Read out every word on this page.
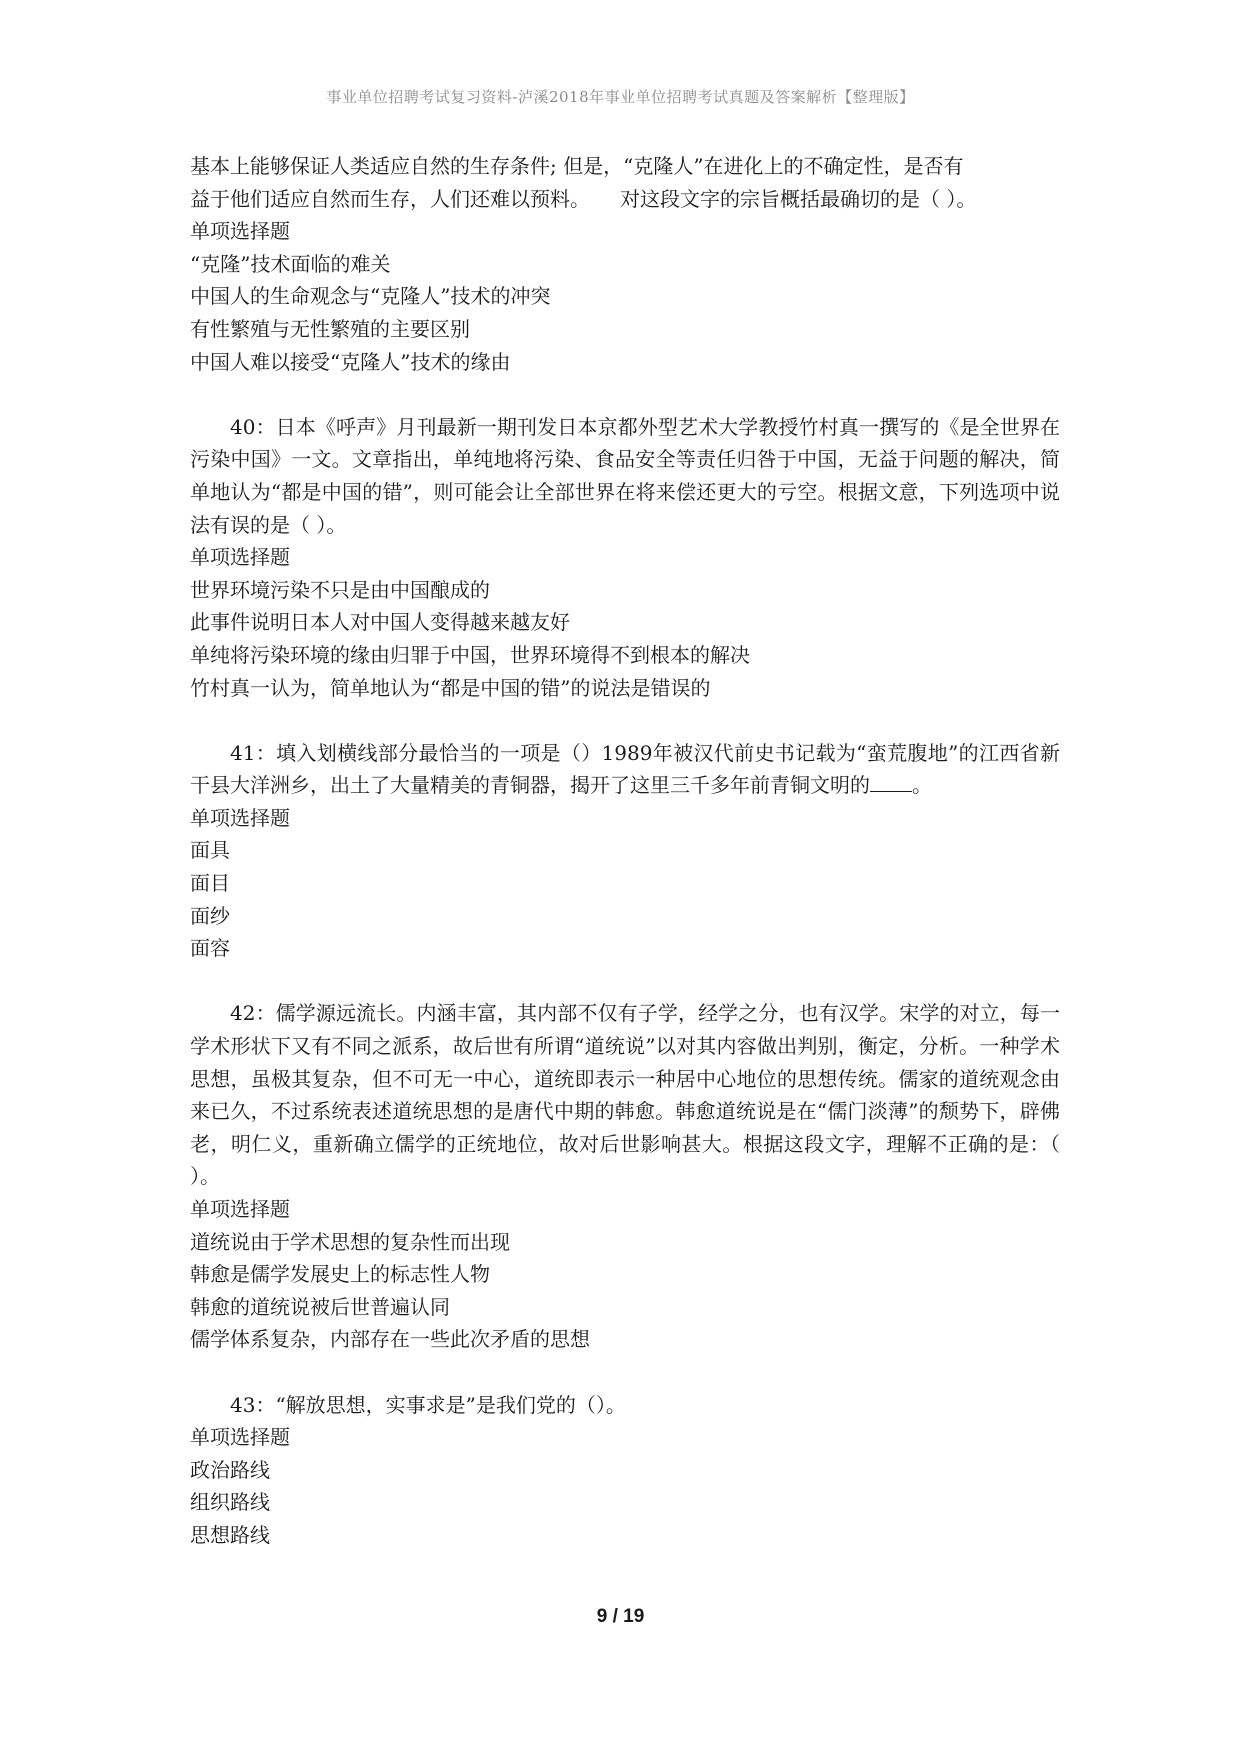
事业单位招聘考试复习资料-泸溪2018年事业单位招聘考试真题及答案解析【整理版】
基本上能够保证人类适应自然的生存条件; 但是，“克隆人”在进化上的不确定性，是否有
益于他们适应自然而生存，人们还难以预料。　　对这段文字的宗旨概括最确切的是（ ）。
单项选择题
“克隆”技术面临的难关
中国人的生命观念与“克隆人”技术的冲突
有性繁殖与无性繁殖的主要区别
中国人难以接受“克隆人”技术的缘由
40：日本《呼声》月刊最新一期刊发日本京都外型艺术大学教授竹村真一撰写的《是全世界在污染中国》一文。文章指出，单纯地将污染、食品安全等责任归咎于中国，无益于问题的解决，简单地认为“都是中国的错”，则可能会让全部世界在将来偿还更大的亏空。根据文意，下列选项中说法有误的是（ ）。
单项选择题
世界环境污染不只是由中国酿成的
此事件说明日本人对中国人变得越来越友好
单纯将污染环境的缘由归罪于中国，世界环境得不到根本的解决
竹村真一认为，简单地认为“都是中国的错”的说法是错误的
41：填入划横线部分最恰当的一项是（）1989年被汉代前史书记载为“蛮荒腹地”的江西省新干县大洋洲乡，出土了大量精美的青铜器，揭开了这里三千多年前青铜文明的 。
单项选择题
面具
面目
面纱
面容
42：儒学源远流长。内涵丰富，其内部不仅有子学，经学之分，也有汉学。宋学的对立，每一学术形状下又有不同之派系，故后世有所谓“道统说”以对其内容做出判别，衡定，分析。一种学术思想，虽极其复杂，但不可无一中心，道统即表示一种居中心地位的思想传统。儒家的道统观念由来已久，不过系统表述道统思想的是唐代中期的韩愈。韩愈道统说是在“儒门淡薄”的颓势下，辟佛老，明仁义，重新确立儒学的正统地位，故对后世影响甚大。根据这段文字，理解不正确的是：（ ）。
单项选择题
道统说由于学术思想的复杂性而出现
韩愈是儒学发展史上的标志性人物
韩愈的道统说被后世普遍认同
儒学体系复杂，内部存在一些此次矛盾的思想
43：“解放思想，实事求是”是我们党的（）。
单项选择题
政治路线
组织路线
思想路线
9 / 19
